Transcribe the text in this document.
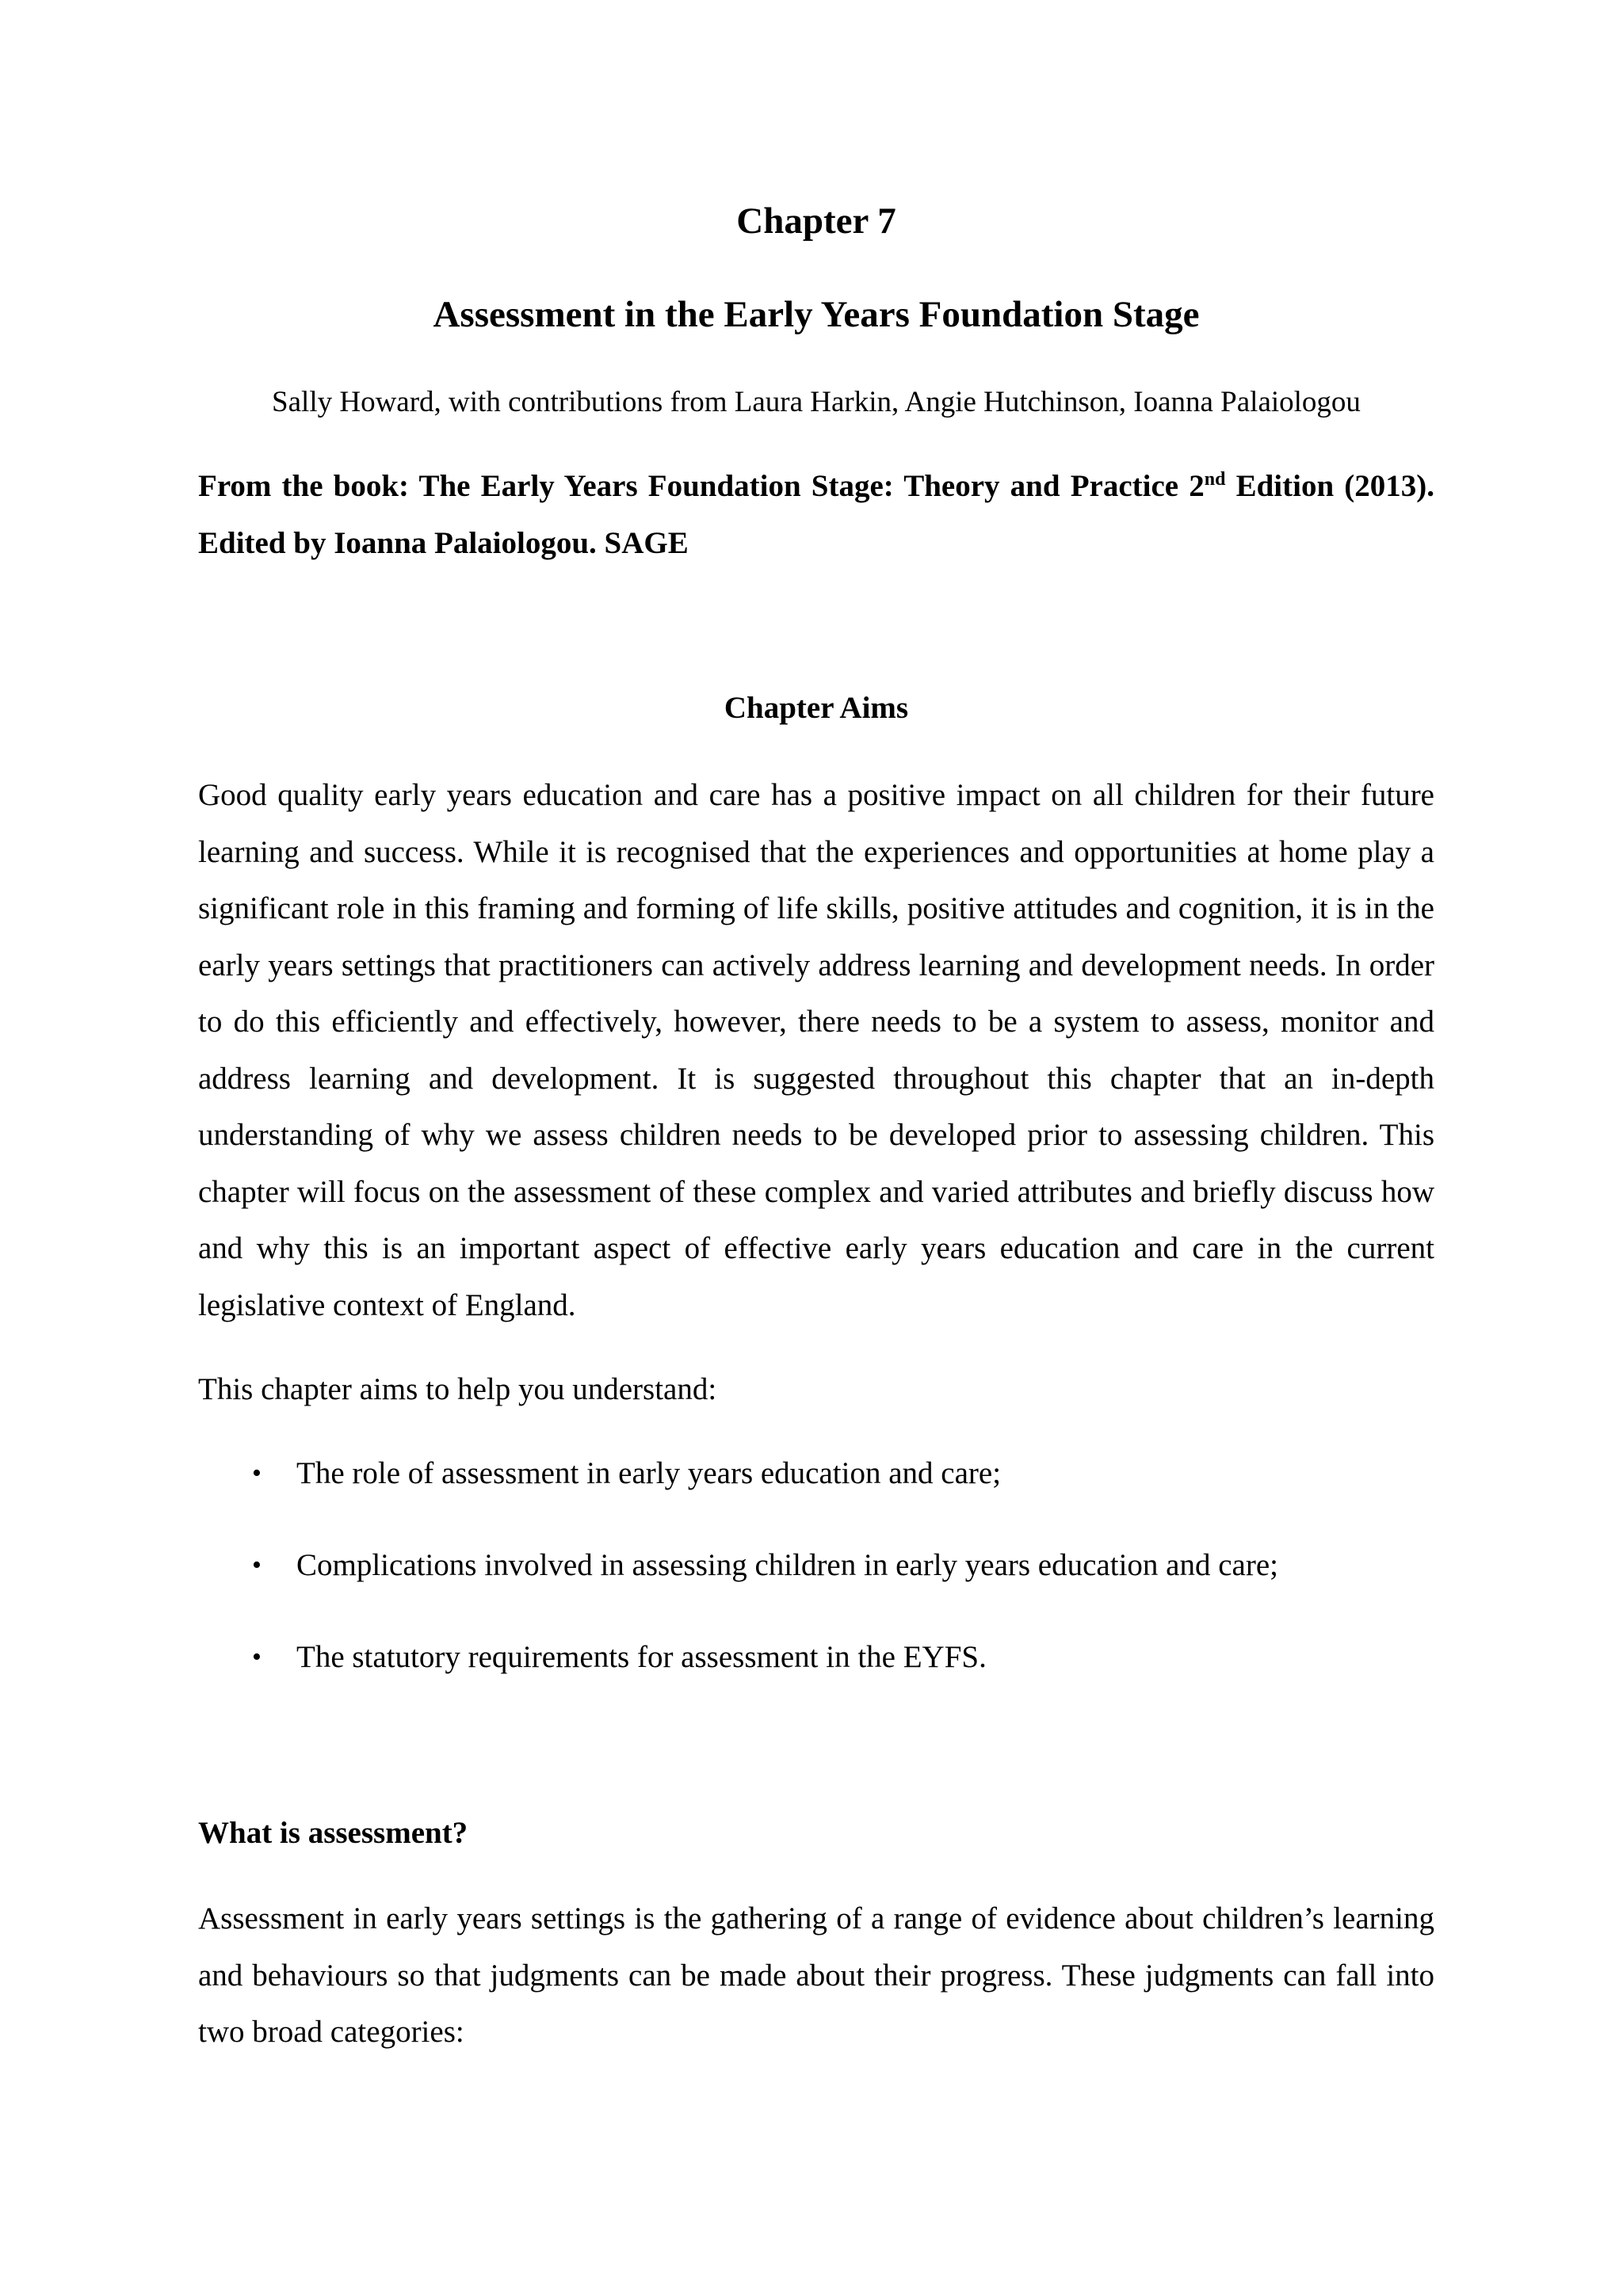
Chapter 7
Assessment in the Early Years Foundation Stage

Sally Howard, with contributions from Laura Harkin, Angie Hutchinson, Ioanna Palaiologou

From the book: The Early Years Foundation Stage: Theory and Practice 2nd Edition (2013). Edited by Ioanna Palaiologou. SAGE

Chapter Aims

Good quality early years education and care has a positive impact on all children for their future learning and success. While it is recognised that the experiences and opportunities at home play a significant role in this framing and forming of life skills, positive attitudes and cognition, it is in the early years settings that practitioners can actively address learning and development needs. In order to do this efficiently and effectively, however, there needs to be a system to assess, monitor and address learning and development. It is suggested throughout this chapter that an in-depth understanding of why we assess children needs to be developed prior to assessing children. This chapter will focus on the assessment of these complex and varied attributes and briefly discuss how and why this is an important aspect of effective early years education and care in the current legislative context of England.

This chapter aims to help you understand:

•	The role of assessment in early years education and care;
•	Complications involved in assessing children in early years education and care;
•	The statutory requirements for assessment in the EYFS.
What is assessment?

Assessment in early years settings is the gathering of a range of evidence about children’s learning and behaviours so that judgments can be made about their progress. These judgments can fall into two broad categories:
